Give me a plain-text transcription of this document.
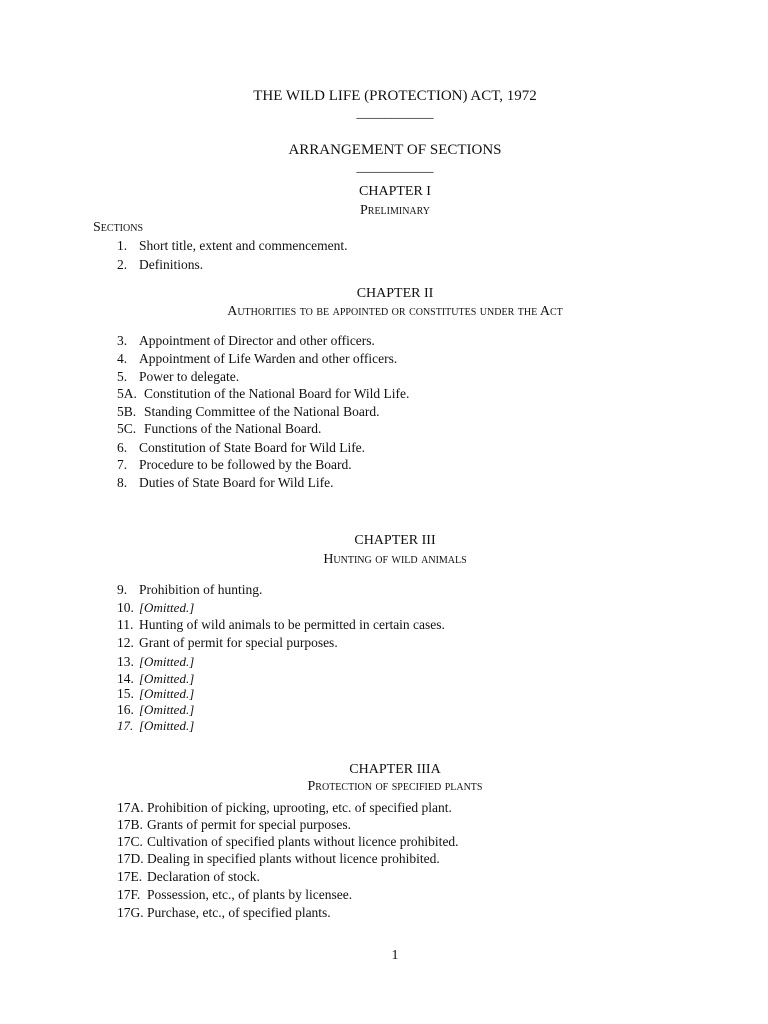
THE WILD LIFE (PROTECTION) ACT, 1972
___________
ARRANGEMENT OF SECTIONS
___________
CHAPTER I
Preliminary
Sections
1. Short title, extent and commencement.
2. Definitions.
CHAPTER II
Authorities to be appointed or constitutes under the Act
3. Appointment of Director and other officers.
4. Appointment of Life Warden and other officers.
5. Power to delegate.
5A. Constitution of the National Board for Wild Life.
5B. Standing Committee of the National Board.
5C. Functions of the National Board.
6. Constitution of State Board for Wild Life.
7. Procedure to be followed by the Board.
8. Duties of State Board for Wild Life.
CHAPTER III
Hunting of wild animals
9. Prohibition of hunting.
10. [Omitted.]
11. Hunting of wild animals to be permitted in certain cases.
12. Grant of permit for special purposes.
13. [Omitted.]
14. [Omitted.]
15. [Omitted.]
16. [Omitted.]
17. [Omitted.]
CHAPTER IIIA
Protection of specified plants
17A. Prohibition of picking, uprooting, etc. of specified plant.
17B. Grants of permit for special purposes.
17C. Cultivation of specified plants without licence prohibited.
17D. Dealing in specified plants without licence prohibited.
17E. Declaration of stock.
17F. Possession, etc., of plants by licensee.
17G. Purchase, etc., of specified plants.
1
